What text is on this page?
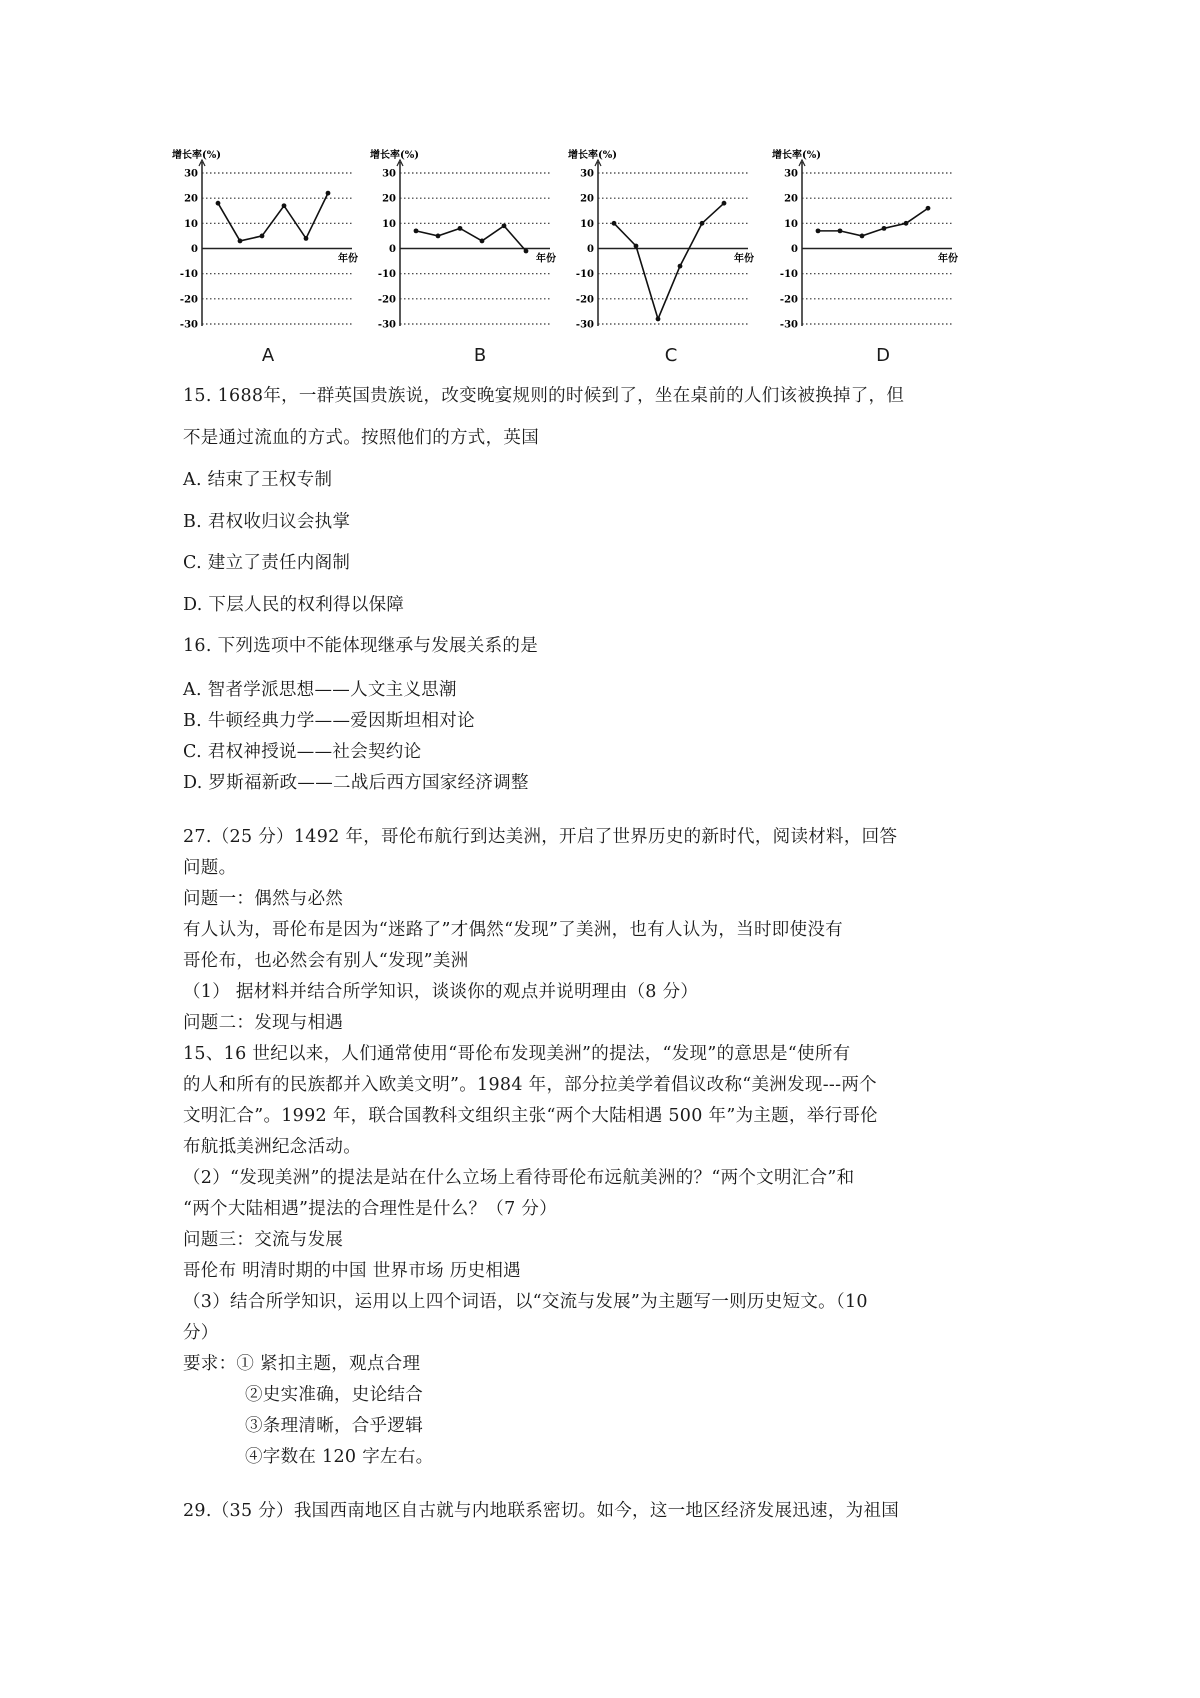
增长率(%)
30
20
10
0
-10
-20
-30
年份
增长率(%)
30
20
10
0
-10
-20
-30
年份
增长率(%)
30
20
10
0
-10
-20
-30
年份
增长率(%)
30
20
10
0
-10
-20
-30
年份
A	B	C	D
15. 1688年，一群英国贵族说，改变晚宴规则的时候到了，坐在桌前的人们该被换掉了，但
不是通过流血的方式。按照他们的方式，英国
A. 结束了王权专制
B. 君权收归议会执掌
C. 建立了责任内阁制
D. 下层人民的权利得以保障
16. 下列选项中不能体现继承与发展关系的是
A. 智者学派思想——人文主义思潮
B. 牛顿经典力学——爱因斯坦相对论
C. 君权神授说——社会契约论
D. 罗斯福新政——二战后西方国家经济调整
27.（25 分）1492 年，哥伦布航行到达美洲，开启了世界历史的新时代，阅读材料，回答
问题。
问题一：偶然与必然
有人认为，哥伦布是因为“迷路了”才偶然“发现”了美洲，也有人认为，当时即使没有
哥伦布，也必然会有别人“发现”美洲
（1） 据材料并结合所学知识，谈谈你的观点并说明理由（8 分）
问题二：发现与相遇
15、16 世纪以来，人们通常使用“哥伦布发现美洲”的提法，“发现”的意思是“使所有
的人和所有的民族都并入欧美文明”。1984 年，部分拉美学着倡议改称“美洲发现---两个
文明汇合”。1992 年，联合国教科文组织主张“两个大陆相遇 500 年”为主题，举行哥伦
布航抵美洲纪念活动。
（2）“发现美洲”的提法是站在什么立场上看待哥伦布远航美洲的？“两个文明汇合”和
“两个大陆相遇”提法的合理性是什么？（7 分）
问题三：交流与发展
哥伦布 明清时期的中国 世界市场 历史相遇
（3）结合所学知识，运用以上四个词语，以“交流与发展”为主题写一则历史短文。（10
分）
要求：① 紧扣主题，观点合理
②史实准确，史论结合
③条理清晰，合乎逻辑
④字数在 120 字左右。
29.（35 分）我国西南地区自古就与内地联系密切。如今，这一地区经济发展迅速，为祖国
